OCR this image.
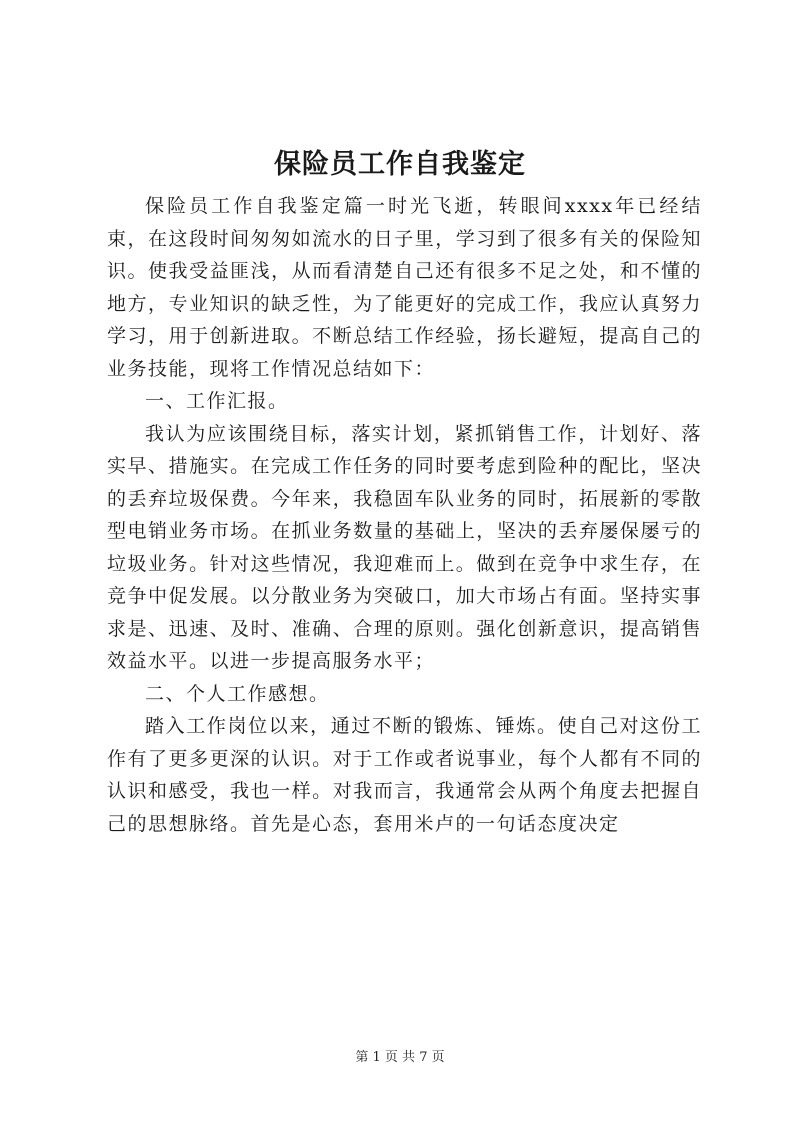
保险员工作自我鉴定

保险员工作自我鉴定篇一时光飞逝，转眼间xxxx年已经结束，在这段时间匆匆如流水的日子里，学习到了很多有关的保险知识。使我受益匪浅，从而看清楚自己还有很多不足之处，和不懂的地方，专业知识的缺乏性，为了能更好的完成工作，我应认真努力学习，用于创新进取。不断总结工作经验，扬长避短，提高自己的业务技能，现将工作情况总结如下：

一、工作汇报。

我认为应该围绕目标，落实计划，紧抓销售工作，计划好、落实早、措施实。在完成工作任务的同时要考虑到险种的配比，坚决的丢弃垃圾保费。今年来，我稳固车队业务的同时，拓展新的零散型电销业务市场。在抓业务数量的基础上，坚决的丢弃屡保屡亏的垃圾业务。针对这些情况，我迎难而上。做到在竞争中求生存，在竞争中促发展。以分散业务为突破口，加大市场占有面。坚持实事求是、迅速、及时、准确、合理的原则。强化创新意识，提高销售效益水平。以进一步提高服务水平；

二、个人工作感想。

踏入工作岗位以来，通过不断的锻炼、锤炼。使自己对这份工作有了更多更深的认识。对于工作或者说事业，每个人都有不同的认识和感受，我也一样。对我而言，我通常会从两个角度去把握自己的思想脉络。首先是心态，套用米卢的一句话态度决定

第 1 页 共 7 页
